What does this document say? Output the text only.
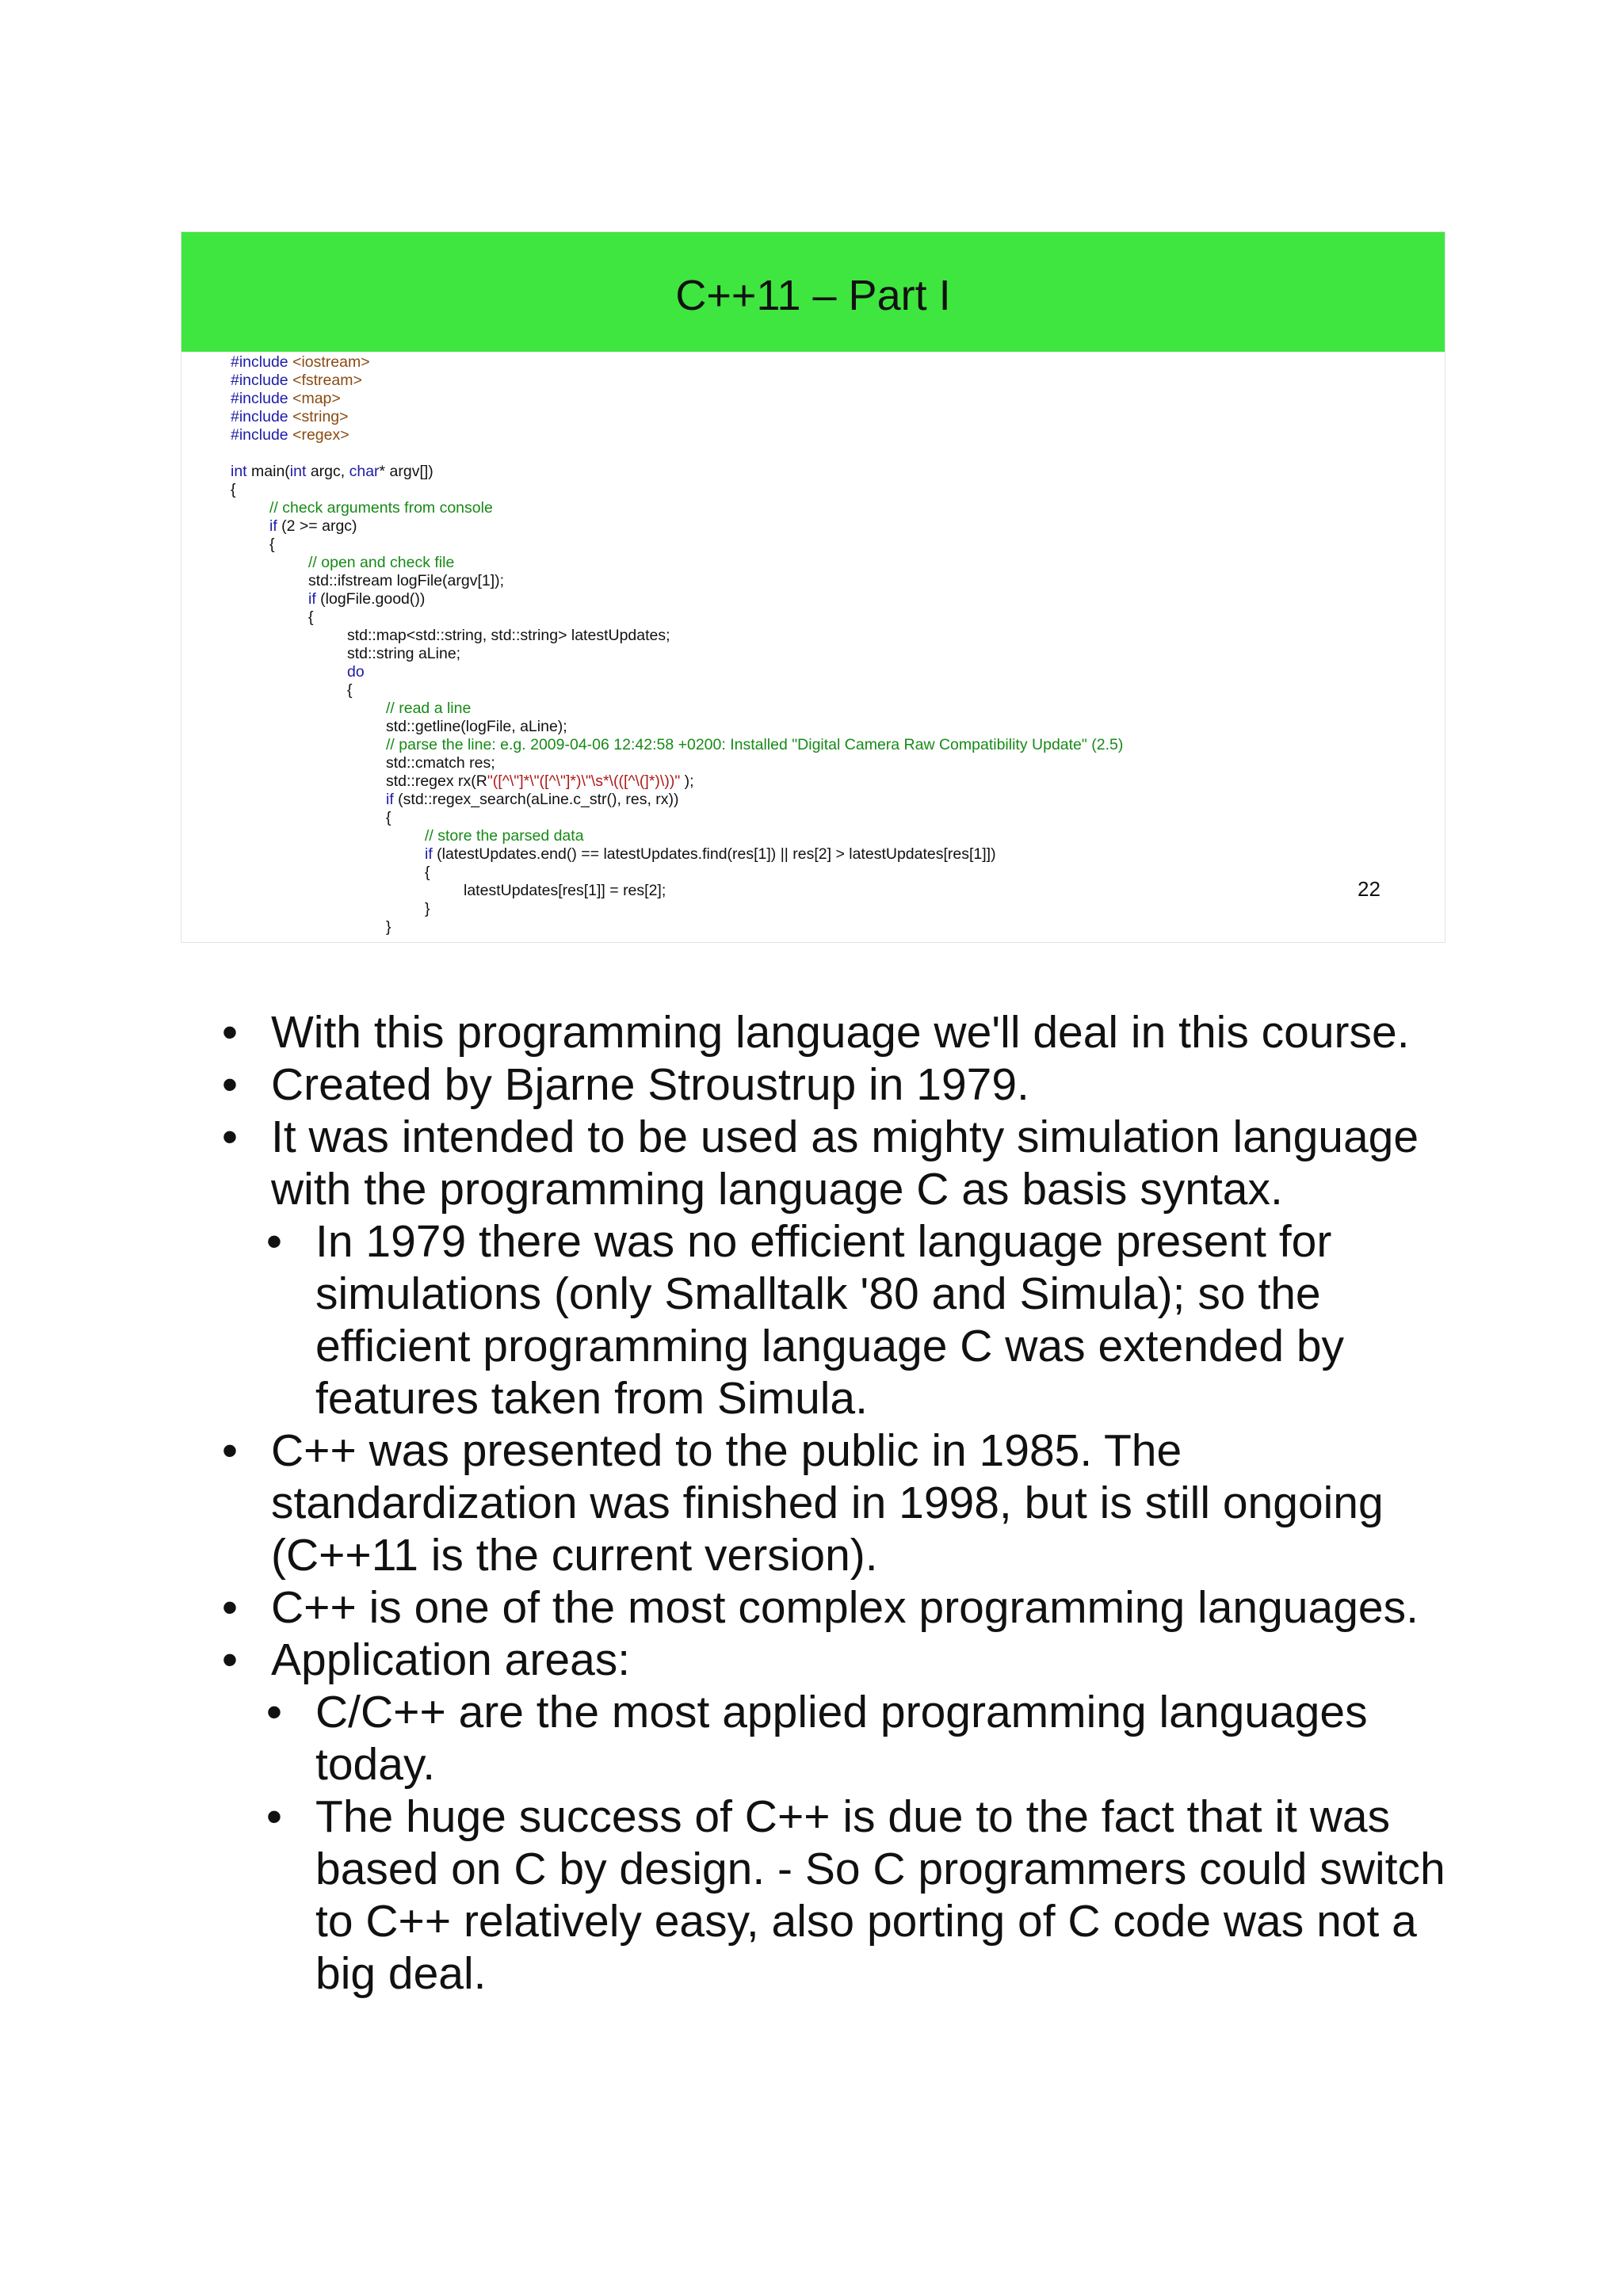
C++11 – Part I
#include <iostream>
#include <fstream>
#include <map>
#include <string>
#include <regex>
int main(int argc, char* argv[])
{
// check arguments from console
if (2 >= argc)
{
// open and check file
std::ifstream logFile(argv[1]);
if (logFile.good())
{
std::map<std::string, std::string> latestUpdates;
std::string aLine;
do
{
// read a line
std::getline(logFile, aLine);
// parse the line: e.g. 2009-04-06 12:42:58 +0200: Installed "Digital Camera Raw Compatibility Update" (2.5)
std::cmatch res;
std::regex rx(R"([^\"]*\"([^\"]*)\"\s*\(([^\(]*)\))" );
if (std::regex_search(aLine.c_str(), res, rx))
{
// store the parsed data
if (latestUpdates.end() == latestUpdates.find(res[1]) || res[2] > latestUpdates[res[1]])
{
latestUpdates[res[1]] = res[2];
}
}
22
• With this programming language we'll deal in this course.
• Created by Bjarne Stroustrup in 1979.
• It was intended to be used as mighty simulation language with the programming language C as basis syntax.
• In 1979 there was no efficient language present for simulations (only Smalltalk '80 and Simula); so the efficient programming language C was extended by features taken from Simula.
• C++ was presented to the public in 1985. The standardization was finished in 1998, but is still ongoing (C++11 is the current version).
• C++ is one of the most complex programming languages.
• Application areas:
• C/C++ are the most applied programming languages today.
• The huge success of C++ is due to the fact that it was based on C by design. - So C programmers could switch to C++ relatively easy, also porting of C code was not a big deal.
